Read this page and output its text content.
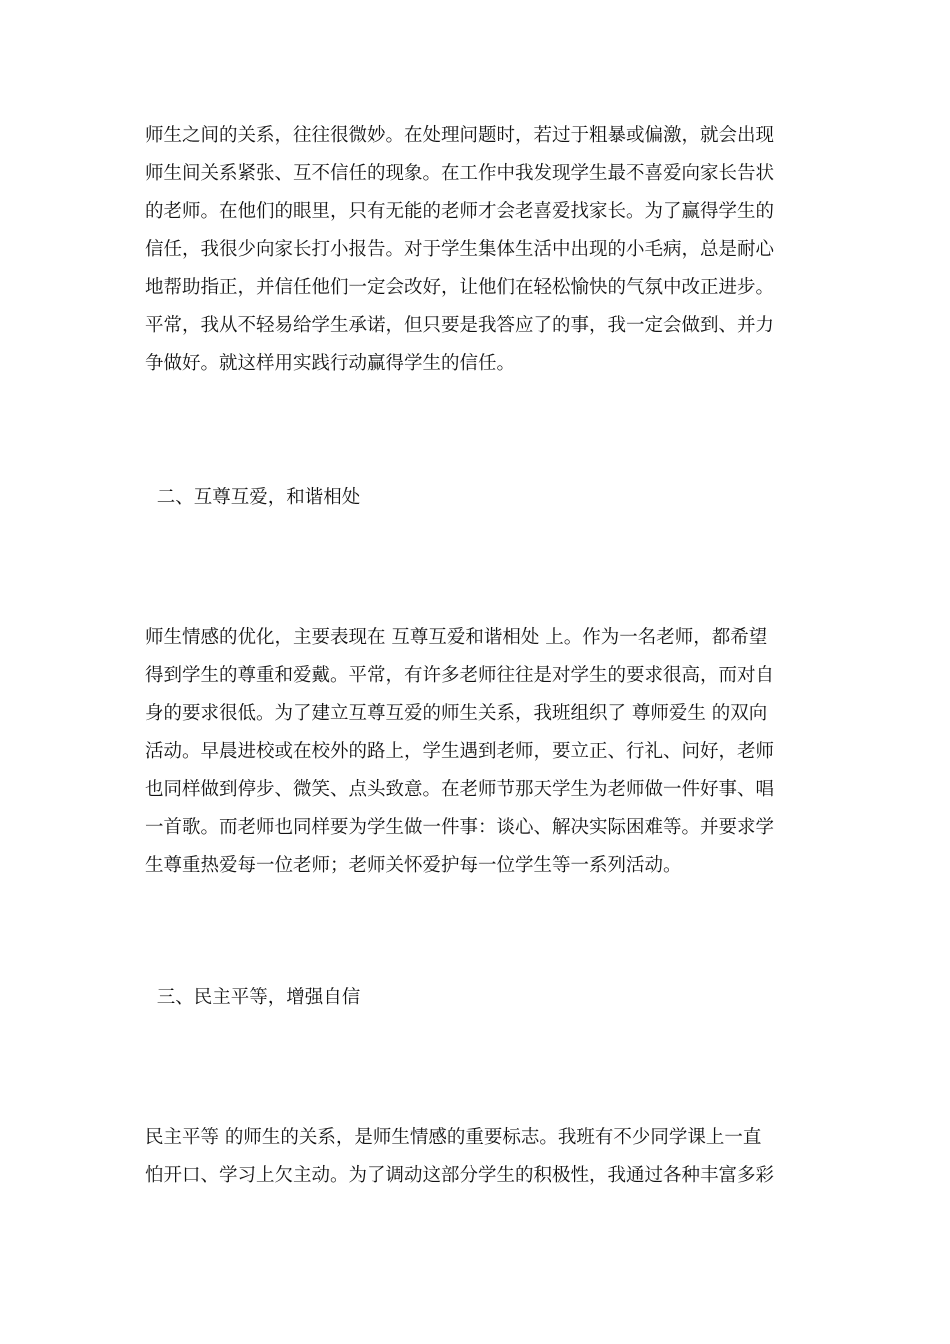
师生之间的关系，往往很微妙。在处理问题时，若过于粗暴或偏激，就会出现
师生间关系紧张、互不信任的现象。在工作中我发现学生最不喜爱向家长告状
的老师。在他们的眼里，只有无能的老师才会老喜爱找家长。为了赢得学生的
信任，我很少向家长打小报告。对于学生集体生活中出现的小毛病，总是耐心
地帮助指正，并信任他们一定会改好，让他们在轻松愉快的气氛中改正进步。
平常，我从不轻易给学生承诺，但只要是我答应了的事，我一定会做到、并力
争做好。就这样用实践行动赢得学生的信任。
二、互尊互爱，和谐相处
师生情感的优化，主要表现在 互尊互爱和谐相处 上。作为一名老师，都希望
得到学生的尊重和爱戴。平常，有许多老师往往是对学生的要求很高，而对自
身的要求很低。为了建立互尊互爱的师生关系，我班组织了 尊师爱生 的双向
活动。早晨进校或在校外的路上，学生遇到老师，要立正、行礼、问好，老师
也同样做到停步、微笑、点头致意。在老师节那天学生为老师做一件好事、唱
一首歌。而老师也同样要为学生做一件事：谈心、解决实际困难等。并要求学
生尊重热爱每一位老师；老师关怀爱护每一位学生等一系列活动。
三、民主平等，增强自信
民主平等 的师生的关系，是师生情感的重要标志。我班有不少同学课上一直
怕开口、学习上欠主动。为了调动这部分学生的积极性，我通过各种丰富多彩
